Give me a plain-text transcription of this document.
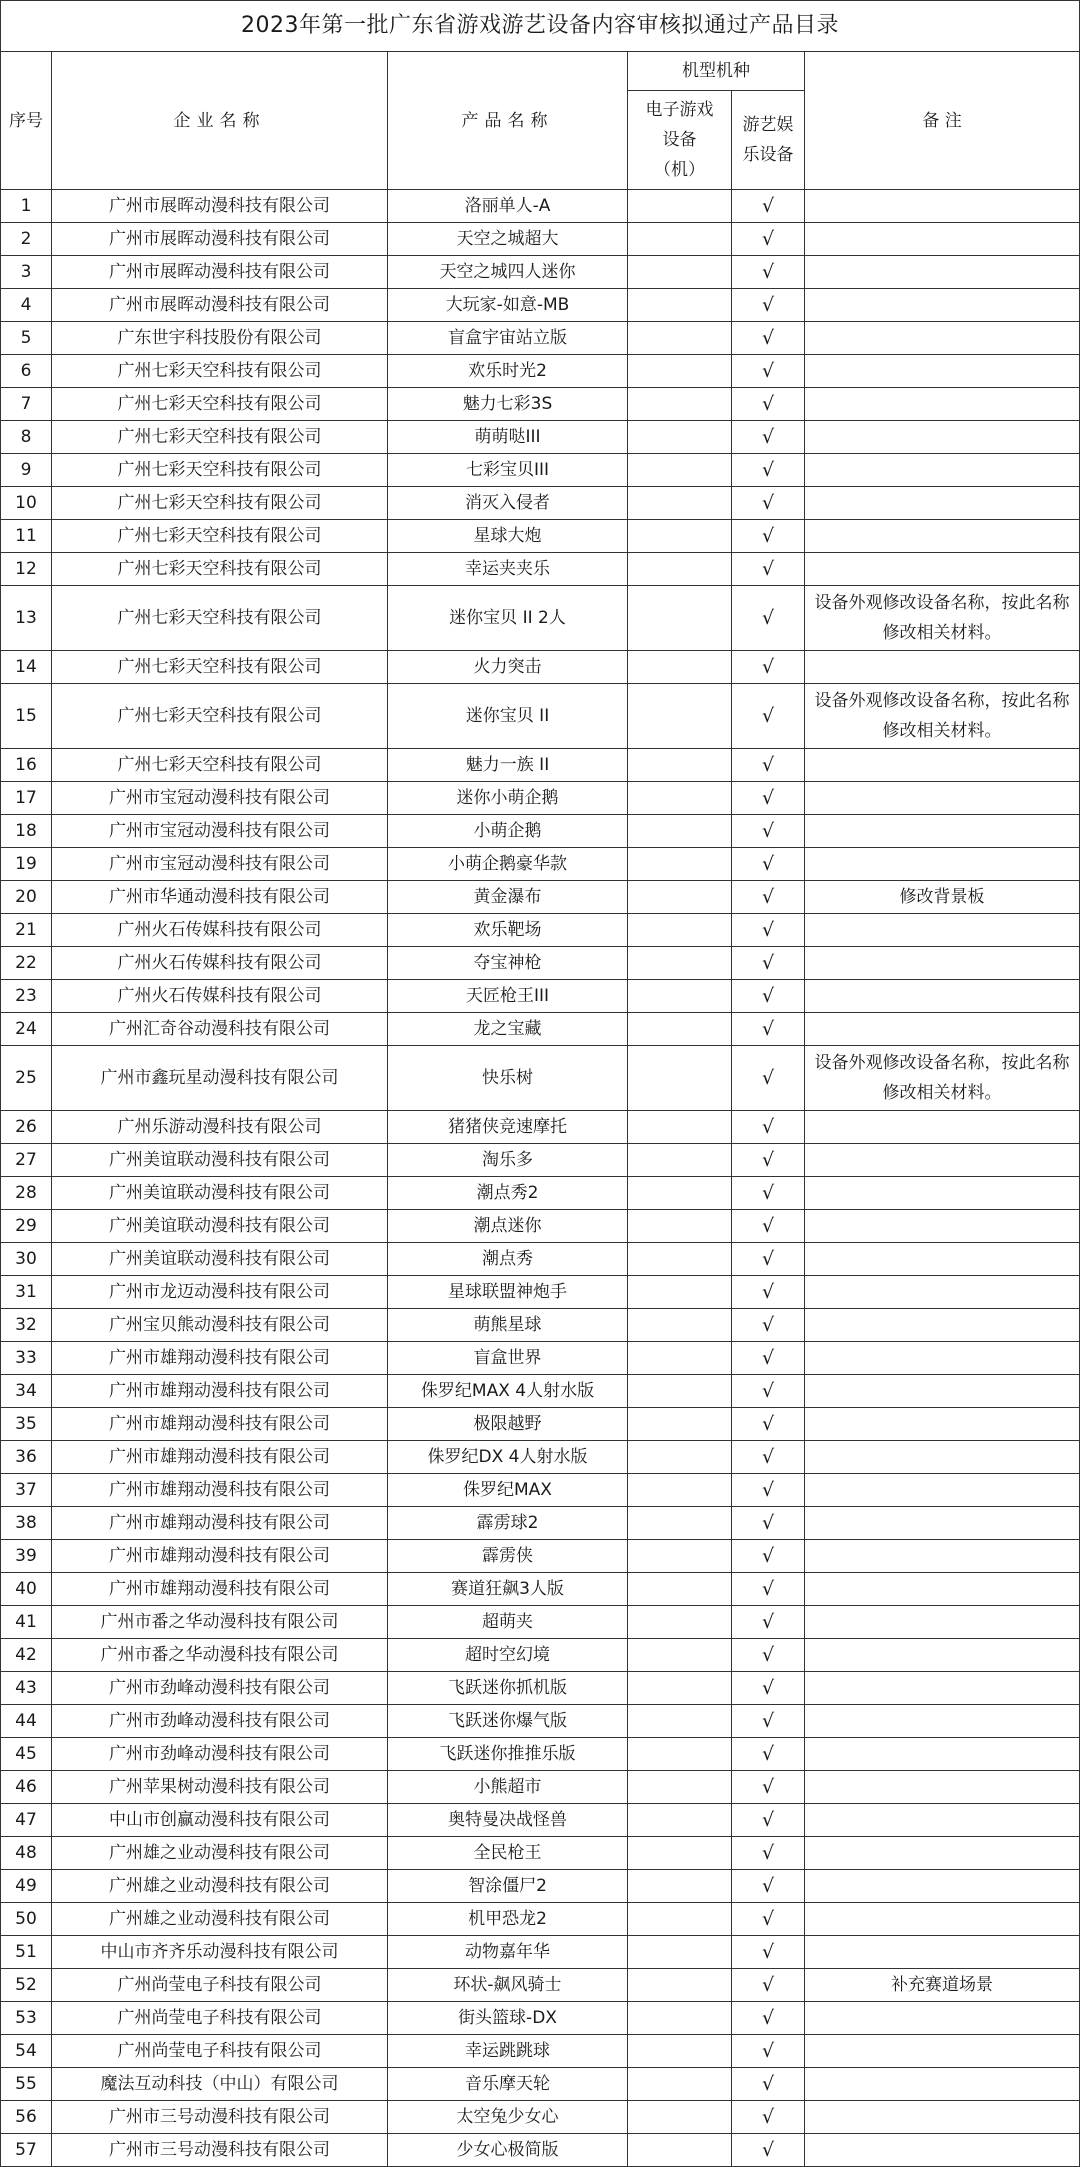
2023年第一批广东省游戏游艺设备内容审核拟通过产品目录					
序号	企业名称	产品名称	机型机种		备 注
			电子游戏设备（机）	游艺娱乐设备	
1	广州市展晖动漫科技有限公司	洛丽单人-A		√	
2	广州市展晖动漫科技有限公司	天空之城超大		√	
3	广州市展晖动漫科技有限公司	天空之城四人迷你		√	
4	广州市展晖动漫科技有限公司	大玩家-如意-MB		√	
5	广东世宇科技股份有限公司	盲盒宇宙站立版		√	
6	广州七彩天空科技有限公司	欢乐时光2		√	
7	广州七彩天空科技有限公司	魅力七彩3S		√	
8	广州七彩天空科技有限公司	萌萌哒III		√	
9	广州七彩天空科技有限公司	七彩宝贝III		√	
10	广州七彩天空科技有限公司	消灭入侵者		√	
11	广州七彩天空科技有限公司	星球大炮		√	
12	广州七彩天空科技有限公司	幸运夹夹乐		√	
13	广州七彩天空科技有限公司	迷你宝贝 II 2人		√	设备外观修改设备名称，按此名称修改相关材料。
14	广州七彩天空科技有限公司	火力突击		√	
15	广州七彩天空科技有限公司	迷你宝贝 II		√	设备外观修改设备名称，按此名称修改相关材料。
16	广州七彩天空科技有限公司	魅力一族 II		√	
17	广州市宝冠动漫科技有限公司	迷你小萌企鹅		√	
18	广州市宝冠动漫科技有限公司	小萌企鹅		√	
19	广州市宝冠动漫科技有限公司	小萌企鹅豪华款		√	
20	广州市华通动漫科技有限公司	黄金瀑布		√	修改背景板
21	广州火石传媒科技有限公司	欢乐靶场		√	
22	广州火石传媒科技有限公司	夺宝神枪		√	
23	广州火石传媒科技有限公司	天匠枪王III		√	
24	广州汇奇谷动漫科技有限公司	龙之宝藏		√	
25	广州市鑫玩星动漫科技有限公司	快乐树		√	设备外观修改设备名称，按此名称修改相关材料。
26	广州乐游动漫科技有限公司	猪猪侠竞速摩托		√	
27	广州美谊联动漫科技有限公司	淘乐多		√	
28	广州美谊联动漫科技有限公司	潮点秀2		√	
29	广州美谊联动漫科技有限公司	潮点迷你		√	
30	广州美谊联动漫科技有限公司	潮点秀		√	
31	广州市龙迈动漫科技有限公司	星球联盟神炮手		√	
32	广州宝贝熊动漫科技有限公司	萌熊星球		√	
33	广州市雄翔动漫科技有限公司	盲盒世界		√	
34	广州市雄翔动漫科技有限公司	侏罗纪MAX 4人射水版		√	
35	广州市雄翔动漫科技有限公司	极限越野		√	
36	广州市雄翔动漫科技有限公司	侏罗纪DX 4人射水版		√	
37	广州市雄翔动漫科技有限公司	侏罗纪MAX		√	
38	广州市雄翔动漫科技有限公司	霹雳球2		√	
39	广州市雄翔动漫科技有限公司	霹雳侠		√	
40	广州市雄翔动漫科技有限公司	赛道狂飙3人版		√	
41	广州市番之华动漫科技有限公司	超萌夹		√	
42	广州市番之华动漫科技有限公司	超时空幻境		√	
43	广州市劲峰动漫科技有限公司	飞跃迷你抓机版		√	
44	广州市劲峰动漫科技有限公司	飞跃迷你爆气版		√	
45	广州市劲峰动漫科技有限公司	飞跃迷你推推乐版		√	
46	广州苹果树动漫科技有限公司	小熊超市		√	
47	中山市创赢动漫科技有限公司	奥特曼决战怪兽		√	
48	广州雄之业动漫科技有限公司	全民枪王		√	
49	广州雄之业动漫科技有限公司	智涂僵尸2		√	
50	广州雄之业动漫科技有限公司	机甲恐龙2		√	
51	中山市齐齐乐动漫科技有限公司	动物嘉年华		√	
52	广州尚莹电子科技有限公司	环状-飙风骑士		√	补充赛道场景
53	广州尚莹电子科技有限公司	街头篮球-DX		√	
54	广州尚莹电子科技有限公司	幸运跳跳球		√	
55	魔法互动科技（中山）有限公司	音乐摩天轮		√	
56	广州市三号动漫科技有限公司	太空兔少女心		√	
57	广州市三号动漫科技有限公司	少女心极简版		√	
